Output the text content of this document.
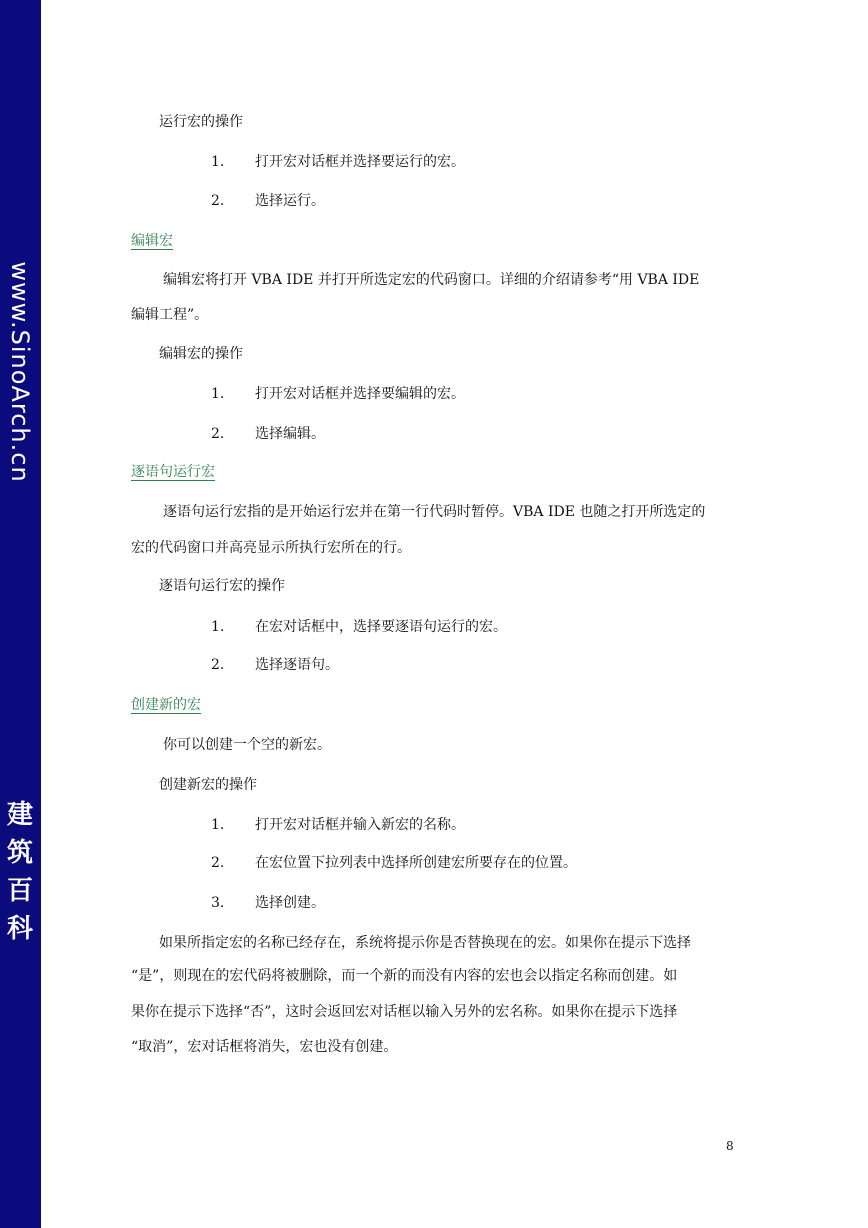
www.SinoArch.cn
建
筑
百
科
运行宏的操作
1. 打开宏对话框并选择要运行的宏。
2. 选择运行。
编辑宏
编辑宏将打开 VBA IDE 并打开所选定宏的代码窗口。详细的介绍请参考“用 VBA IDE
编辑工程”。
编辑宏的操作
1. 打开宏对话框并选择要编辑的宏。
2. 选择编辑。
逐语句运行宏
逐语句运行宏指的是开始运行宏并在第一行代码时暂停。VBA IDE 也随之打开所选定的
宏的代码窗口并高亮显示所执行宏所在的行。
逐语句运行宏的操作
1. 在宏对话框中，选择要逐语句运行的宏。
2. 选择逐语句。
创建新的宏
你可以创建一个空的新宏。
创建新宏的操作
1. 打开宏对话框并输入新宏的名称。
2. 在宏位置下拉列表中选择所创建宏所要存在的位置。
3. 选择创建。
如果所指定宏的名称已经存在，系统将提示你是否替换现在的宏。如果你在提示下选择
“是”，则现在的宏代码将被删除，而一个新的而没有内容的宏也会以指定名称而创建。如
果你在提示下选择“否”，这时会返回宏对话框以输入另外的宏名称。如果你在提示下选择
“取消”，宏对话框将消失，宏也没有创建。
8
